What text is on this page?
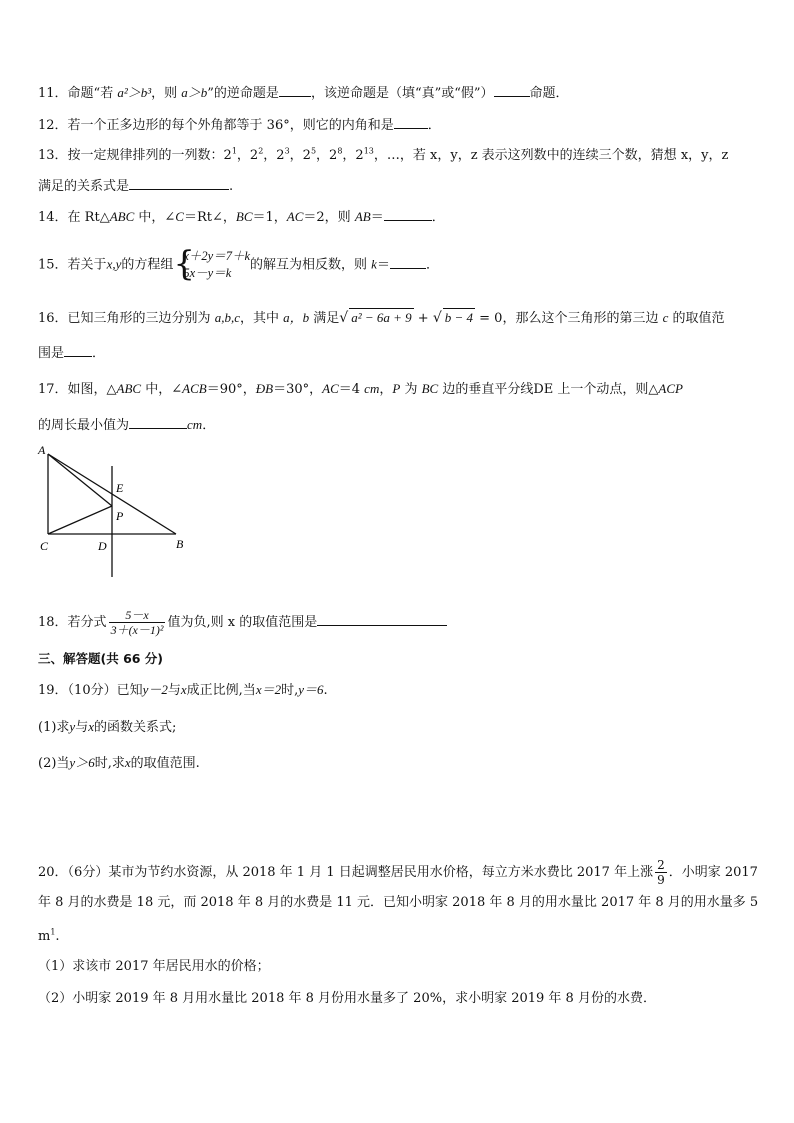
11．命题“若 a²＞b³，则 a＞b”的逆命题是 ，该逆命题是（填“真”或“假”）	命题．
12．若一个正多边形的每个外角都等于 36°，则它的内角和是	．
13．按一定规律排列的一列数：$2^1$，$2^2$，$2^3$，$2^5$，$2^8$，$2^{13}$，…，若 x，y，z 表示这列数中的连续三个数，猜想 x，y，z
满足的关系式是	.
14．在 Rt△ABC 中，∠C＝Rt∠，BC＝1，AC＝2，则 AB＝	．
15．若关于x,y的方程组 {
x＋2y＝7＋k
5x－y＝k
的解互为相反数，则 k＝	．
16．已知三角形的三边分别为 a,b,c，其中 a，b 满足√ a² − 6a + 9 + √ b − 4 = 0，那么这个三角形的第三边 c 的取值范
围是 ．
17．如图，△ABC 中，∠ACB＝90°，ÐB＝30°，AC＝4 cm，P 为 BC 边的垂直平分线DE 上一个动点，则△ACP
的周长最小值为	cm．
A
E
P
C	D	B
18．若分式 $\frac{5-x}{\text{3＋(x－1)²}}$ 值为负,则 x 的取值范围是
三、解答题(共 66 分)
19．（10分）已知y－2与x成正比例,当x＝2时,y＝6.
(1)求y与x的函数关系式;
(2)当y＞6时,求x的取值范围.
20．（6分）某市为节约水资源，从 2018 年 1 月 1 日起调整居民用水价格，每立方米水费比 2017 年上涨 $\frac{2}{9}$ ．小明家 2017
年 8 月的水费是 18 元，而 2018 年 8 月的水费是 11 元．已知小明家 2018 年 8 月的用水量比 2017 年 8 月的用水量多 5
$m^1$.
（1）求该市 2017 年居民用水的价格；
（2）小明家 2019 年 8 月用水量比 2018 年 8 月份用水量多了 20%，求小明家 2019 年 8 月份的水费．
